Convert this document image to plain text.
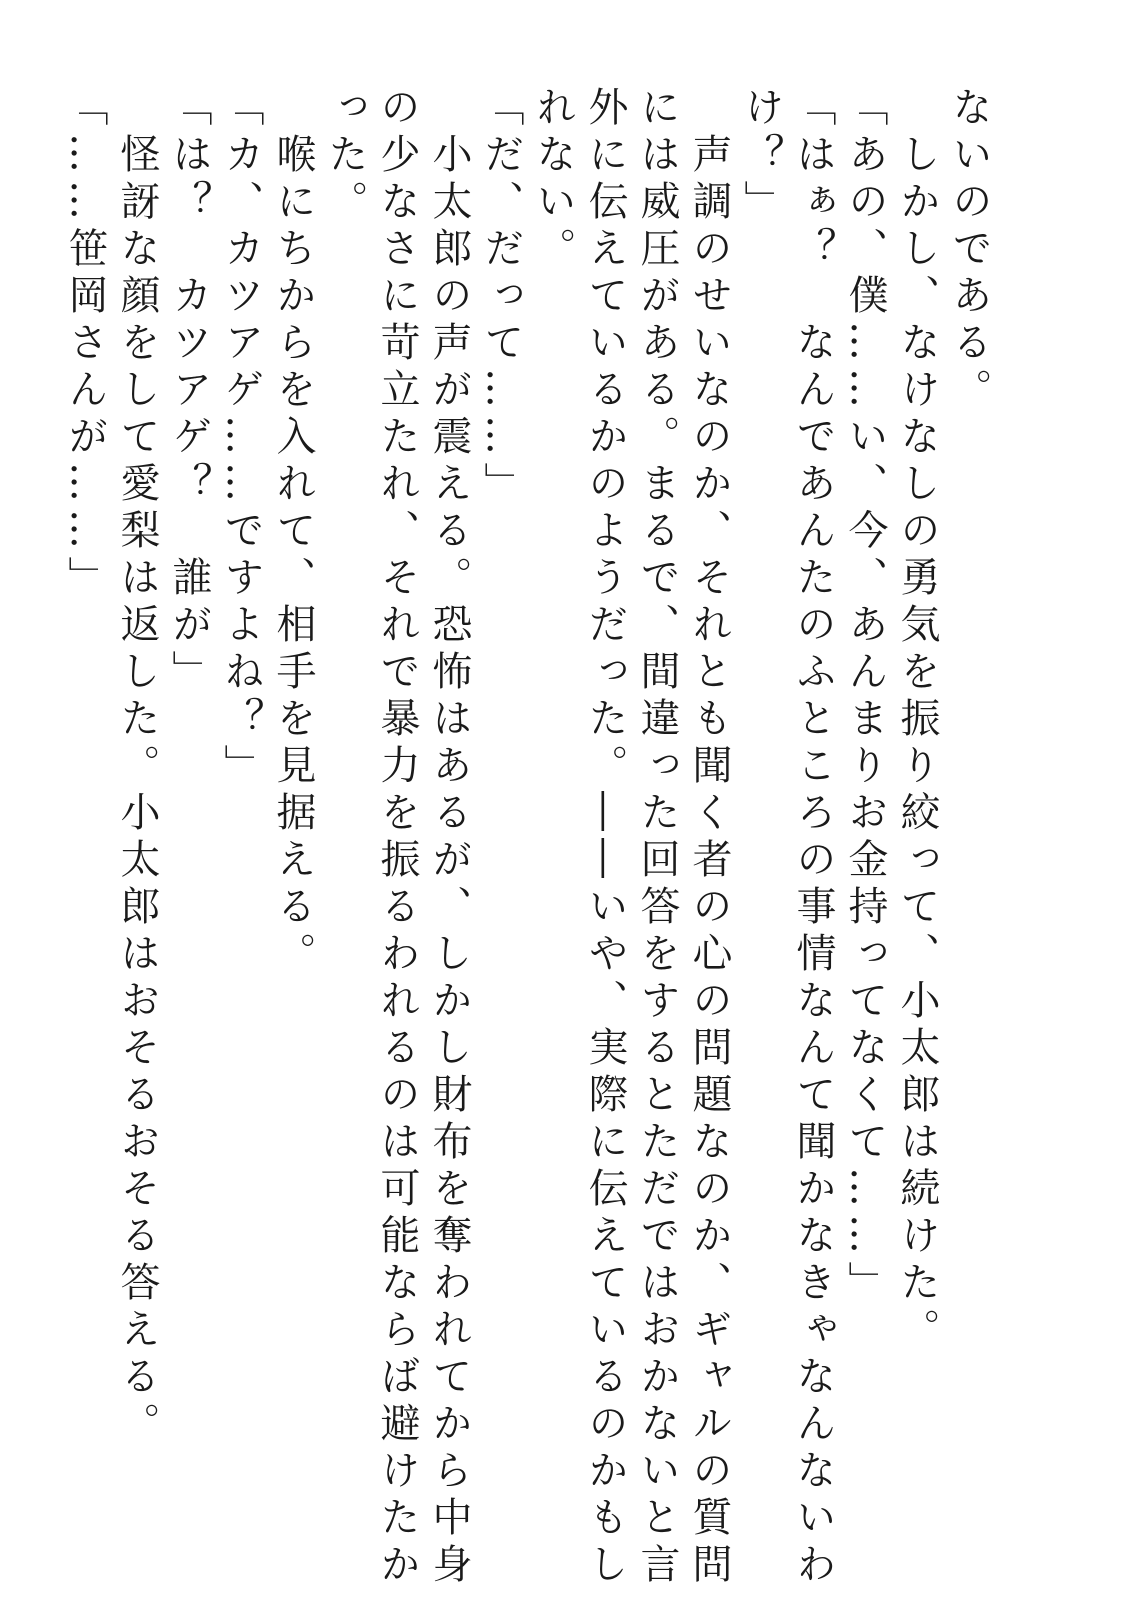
ないのである。
　しかし、なけなしの勇気を振り絞って、小太郎は続けた。
「あの、僕……い、今、あんまりお金持ってなくて……」
「はぁ？　なんであんたのふところの事情なんて聞かなきゃなんないわ
け？」
　声調のせいなのか、それとも聞く者の心の問題なのか、ギャルの質問
には威圧がある。まるで、間違った回答をするとただではおかないと言
外に伝えているかのようだった。――いや、実際に伝えているのかもし
れない。
「だ、だって……」
　小太郎の声が震える。恐怖はあるが、しかし財布を奪われてから中身
の少なさに苛立たれ、それで暴力を振るわれるのは可能ならば避けたか
った。
　喉にちからを入れて、相手を見据える。
「カ、カツアゲ……ですよね？」
「は？　カツアゲ？　誰が」
　怪訝な顔をして愛梨は返した。小太郎はおそるおそる答える。
「……笹岡さんが……」
